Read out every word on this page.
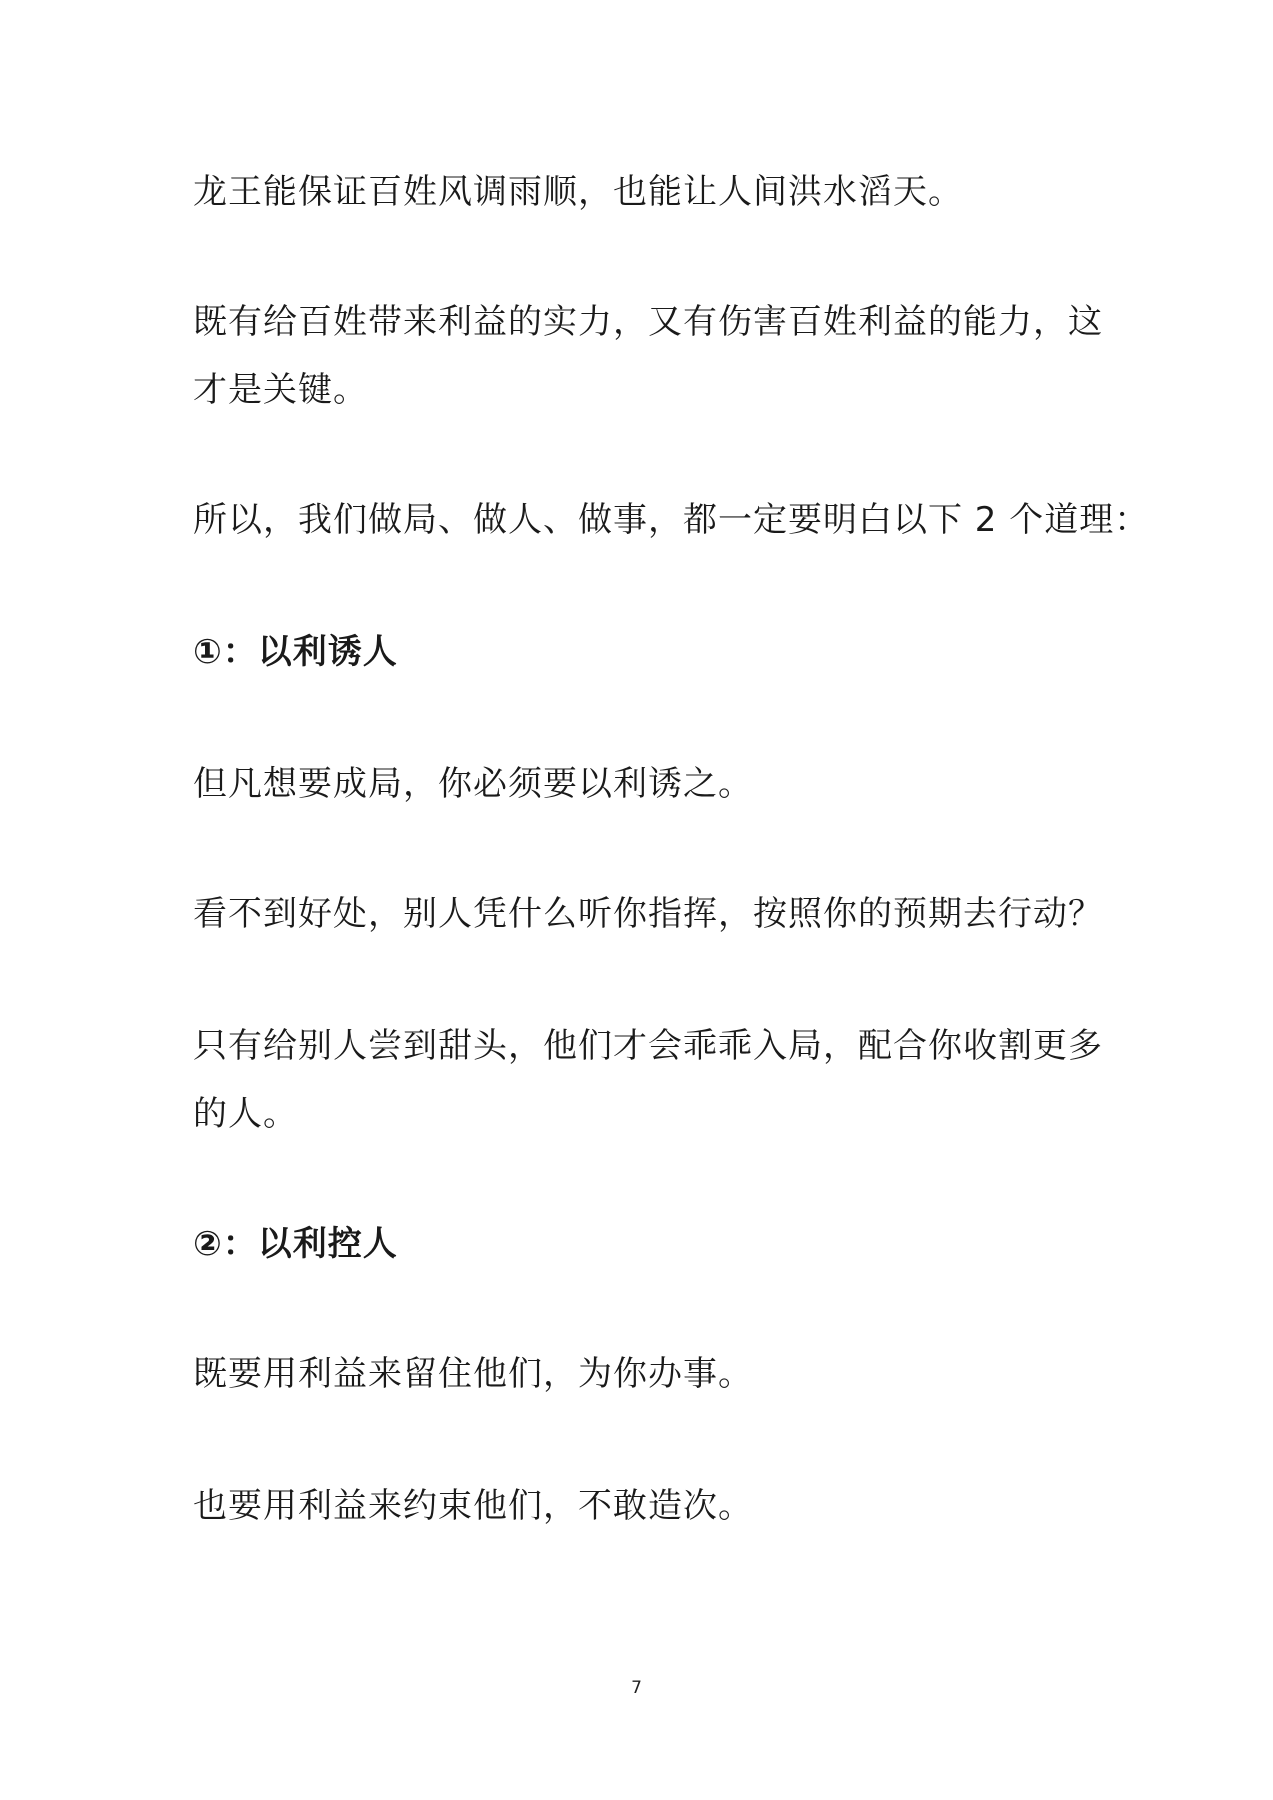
龙王能保证百姓风调雨顺，也能让人间洪水滔天。

既有给百姓带来利益的实力，又有伤害百姓利益的能力，这
才是关键。

所以，我们做局、做人、做事，都一定要明白以下 2 个道理：

①：以利诱人

但凡想要成局，你必须要以利诱之。

看不到好处，别人凭什么听你指挥，按照你的预期去行动？

只有给别人尝到甜头，他们才会乖乖入局，配合你收割更多
的人。

②：以利控人

既要用利益来留住他们，为你办事。

也要用利益来约束他们，不敢造次。

7
